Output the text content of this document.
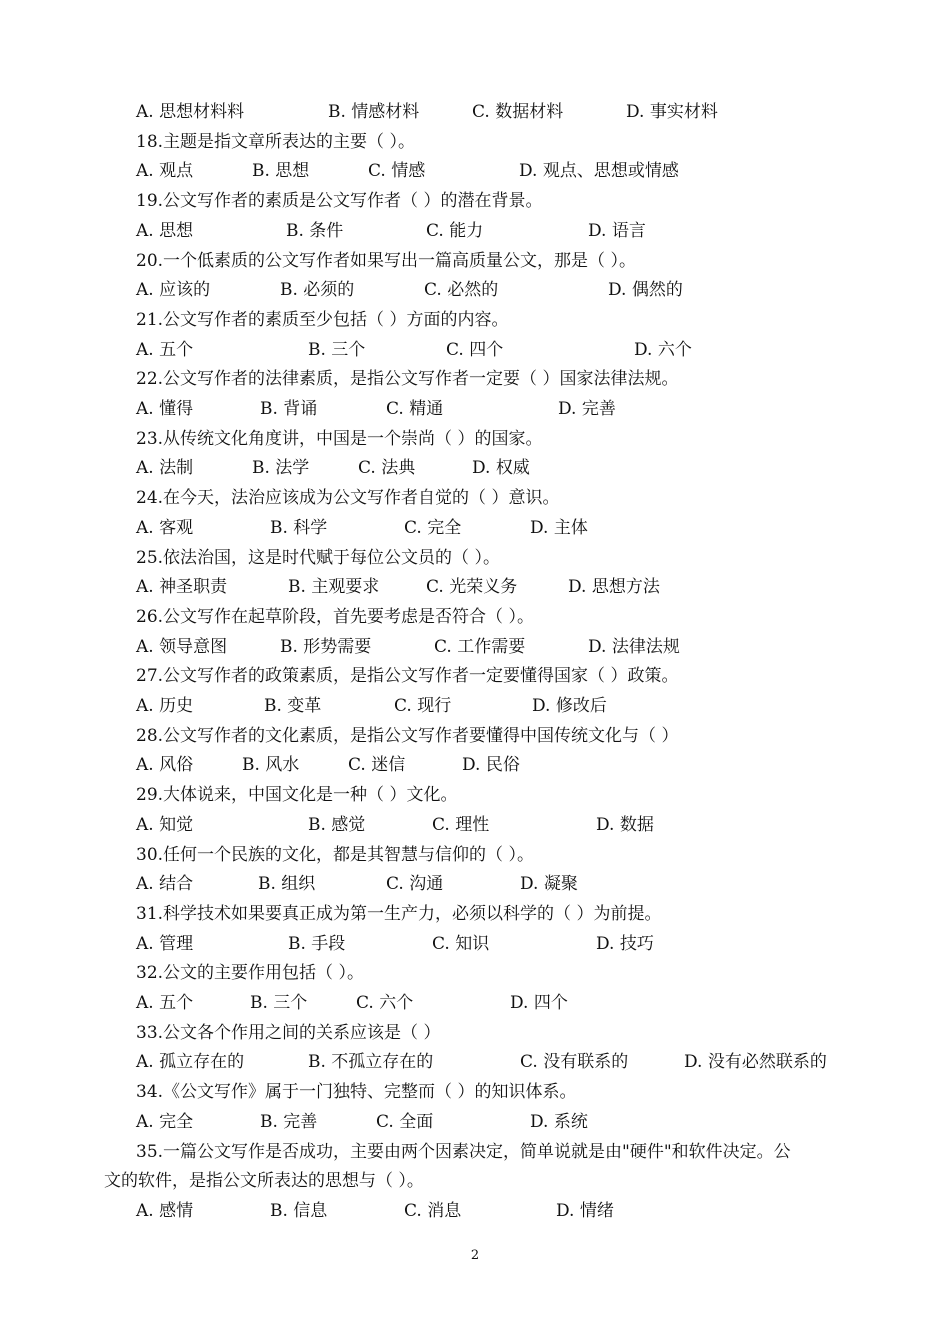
A. 思想材料料	B. 情感材料	C. 数据材料	D. 事实材料
18.主题是指文章所表达的主要（ ）。
A. 观点	B. 思想	C. 情感	D. 观点、思想或情感
19.公文写作者的素质是公文写作者（ ）的潜在背景。
A. 思想	B. 条件	C. 能力	D. 语言
20.一个低素质的公文写作者如果写出一篇高质量公文，那是（ ）。
A. 应该的	B. 必须的	C. 必然的	D. 偶然的
21.公文写作者的素质至少包括（ ）方面的内容。
A. 五个	B. 三个	C. 四个	D. 六个
22.公文写作者的法律素质，是指公文写作者一定要（ ）国家法律法规。
A. 懂得	B. 背诵	C. 精通	D. 完善
23.从传统文化角度讲，中国是一个崇尚（ ）的国家。
A. 法制	B. 法学	C. 法典	D. 权威
24.在今天，法治应该成为公文写作者自觉的（ ）意识。
A. 客观	B. 科学	C. 完全	D. 主体
25.依法治国，这是时代赋于每位公文员的（ ）。
A. 神圣职责	B. 主观要求	C. 光荣义务	D. 思想方法
26.公文写作在起草阶段，首先要考虑是否符合（ ）。
A. 领导意图	B. 形势需要	C. 工作需要	D. 法律法规
27.公文写作者的政策素质，是指公文写作者一定要懂得国家（ ）政策。
A. 历史	B. 变革	C. 现行	D. 修改后
28.公文写作者的文化素质，是指公文写作者要懂得中国传统文化与（ ）
A. 风俗	B. 风水	C. 迷信	D. 民俗
29.大体说来，中国文化是一种（ ）文化。
A. 知觉	B. 感觉	C. 理性	D. 数据
30.任何一个民族的文化，都是其智慧与信仰的（ ）。
A. 结合	B. 组织	C. 沟通	D. 凝聚
31.科学技术如果要真正成为第一生产力，必须以科学的（ ）为前提。
A. 管理	B. 手段	C. 知识	D. 技巧
32.公文的主要作用包括（ ）。
A. 五个	B. 三个	C. 六个	D. 四个
33.公文各个作用之间的关系应该是（ ）
A. 孤立存在的	B. 不孤立存在的	C. 没有联系的	D. 没有必然联系的
34.《公文写作》属于一门独特、完整而（ ）的知识体系。
A. 完全	B. 完善	C. 全面	D. 系统
35.一篇公文写作是否成功，主要由两个因素决定，简单说就是由"硬件"和软件决定。公
文的软件，是指公文所表达的思想与（ ）。
A. 感情	B. 信息	C. 消息	D. 情绪
2
